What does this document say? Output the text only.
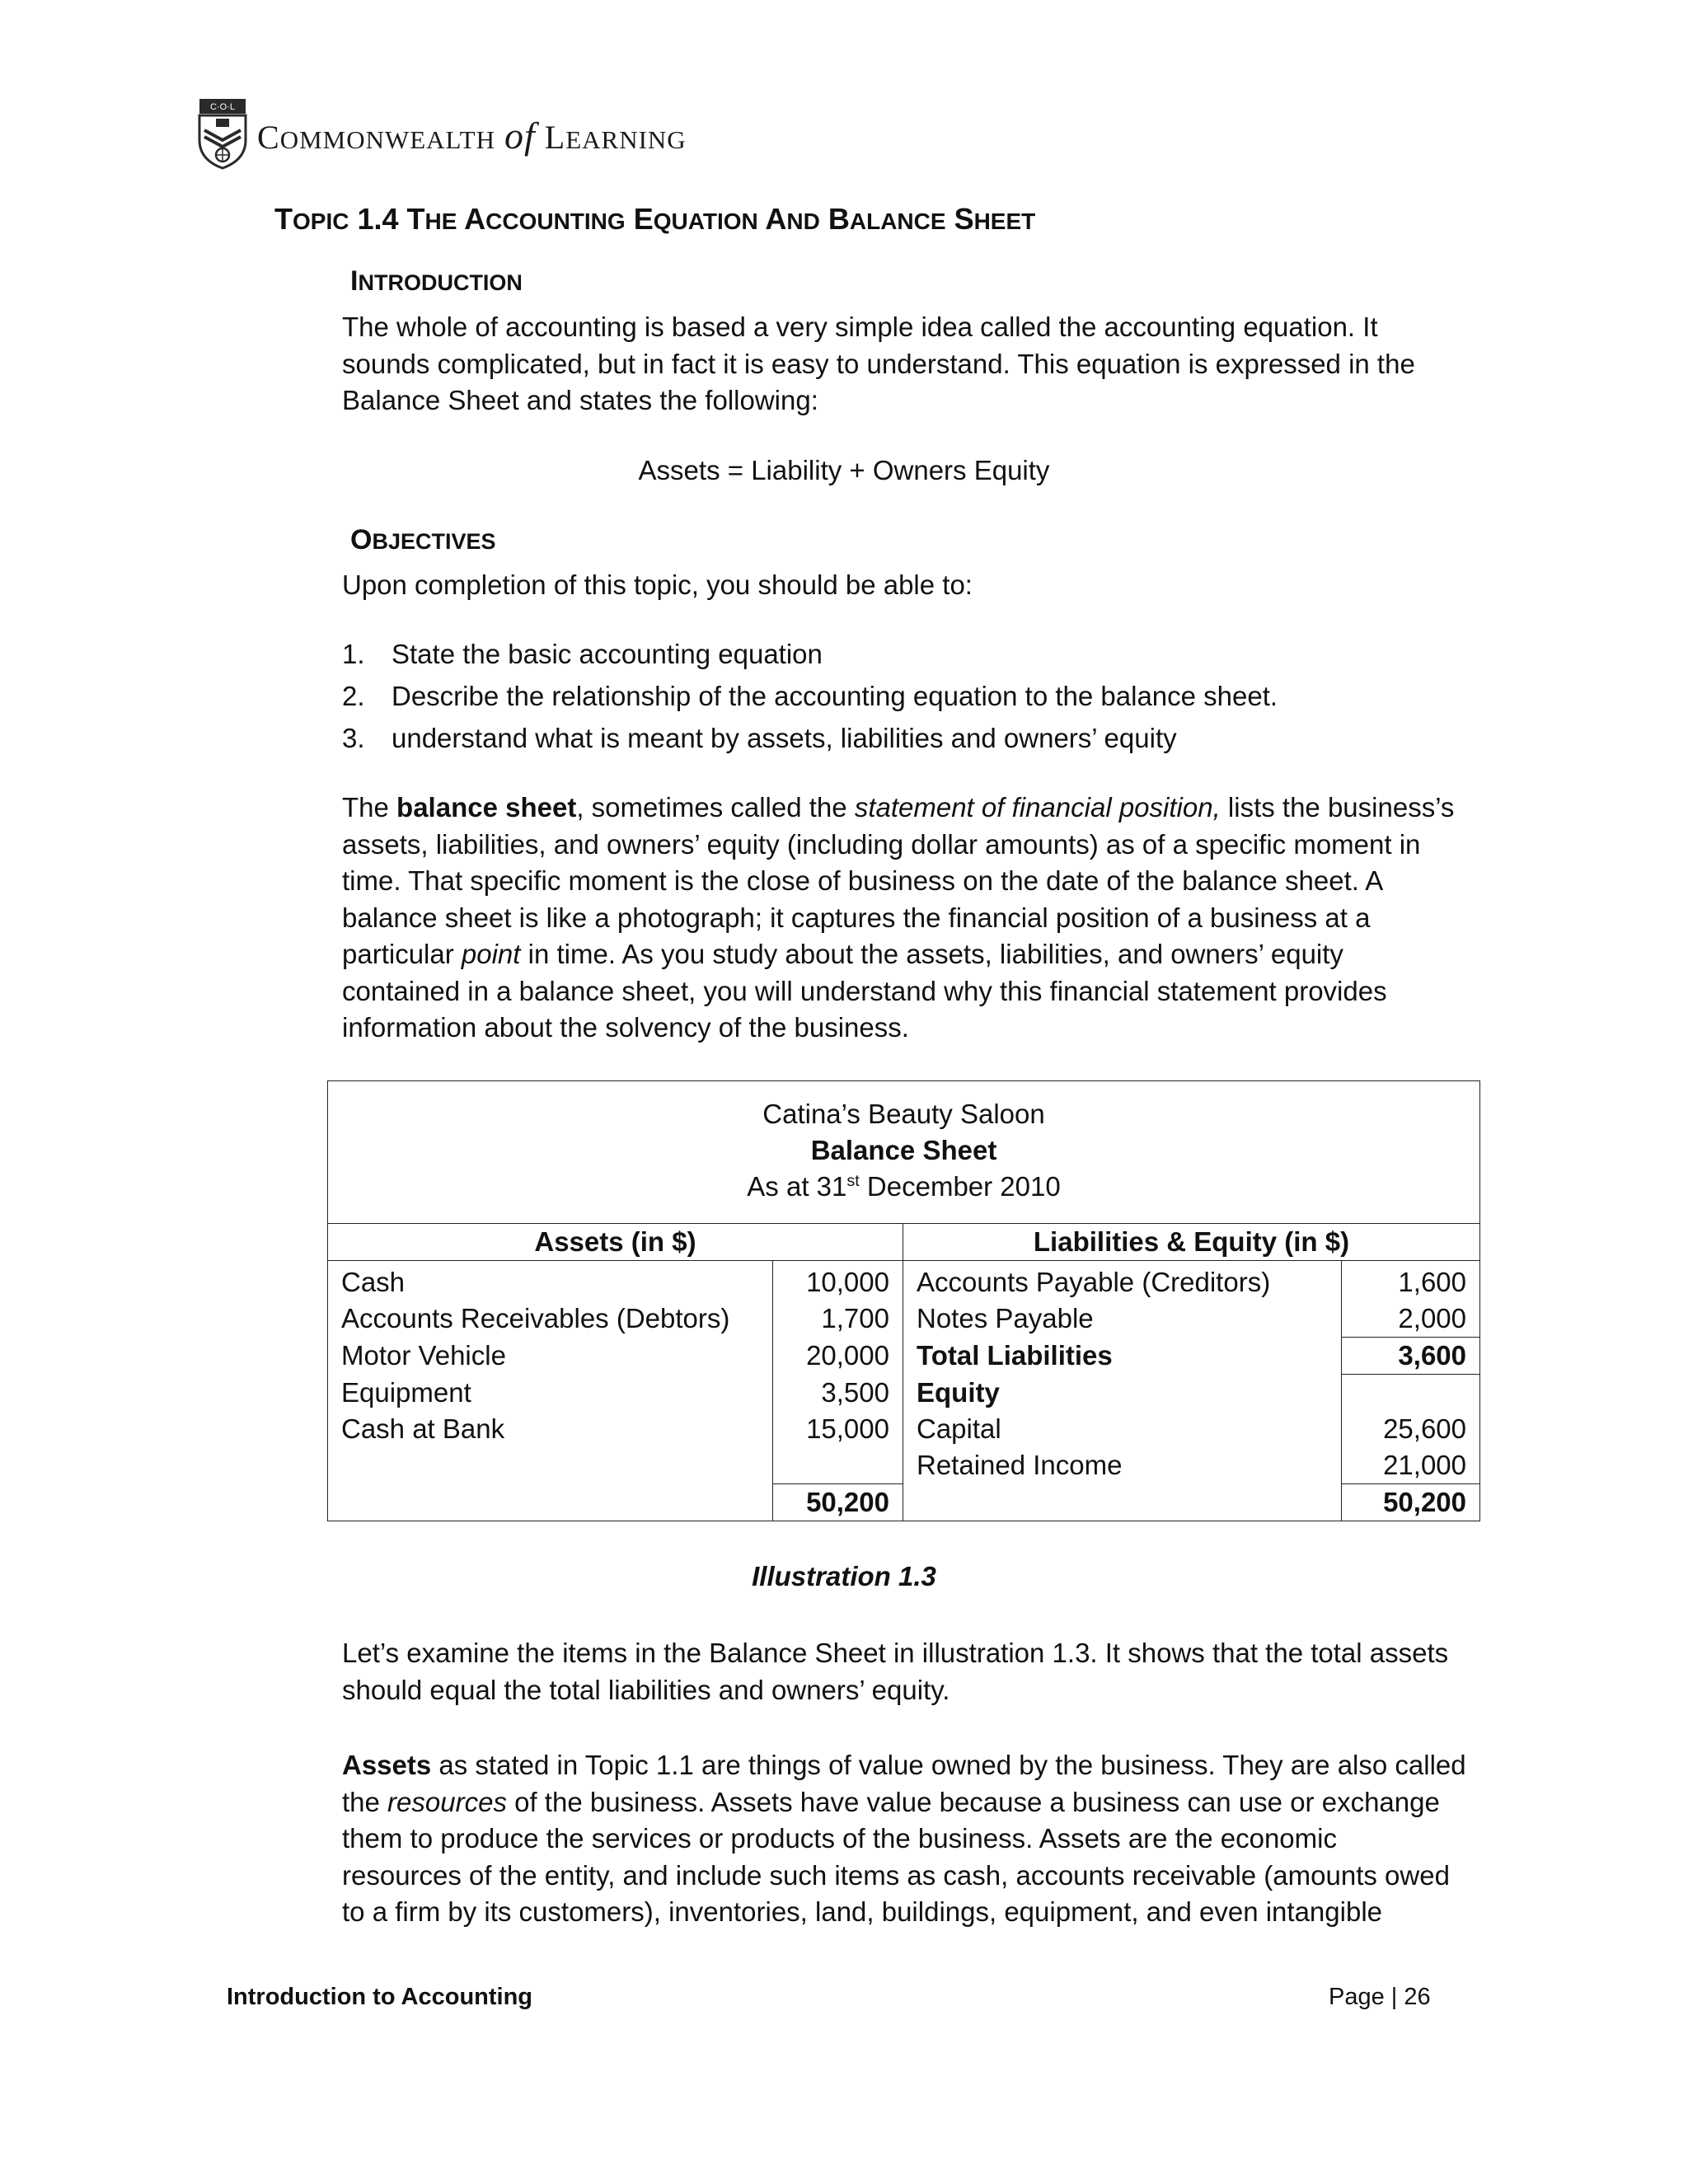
C·O·L
COMMONWEALTH of LEARNING
TOPIC 1.4 THE ACCOUNTING EQUATION AND BALANCE SHEET
INTRODUCTION
The whole of accounting is based a very simple idea called the accounting equation. It
sounds complicated, but in fact it is easy to understand. This equation is expressed in the
Balance Sheet and states the following:
Assets = Liability + Owners Equity
OBJECTIVES
Upon completion of this topic, you should be able to:
1. State the basic accounting equation
2. Describe the relationship of the accounting equation to the balance sheet.
3. understand what is meant by assets, liabilities and owners’ equity
The balance sheet, sometimes called the statement of financial position, lists the business’s
assets, liabilities, and owners’ equity (including dollar amounts) as of a specific moment in
time. That specific moment is the close of business on the date of the balance sheet. A
balance sheet is like a photograph; it captures the financial position of a business at a
particular point in time. As you study about the assets, liabilities, and owners’ equity
contained in a balance sheet, you will understand why this financial statement provides
information about the solvency of the business.
Catina’s Beauty Saloon
Balance Sheet
As at 31st December 2010			

Assets (in $)		Liabilities & Equity (in $)	
Cash	10,000	Accounts Payable (Creditors)	1,600
Accounts Receivables (Debtors)	1,700	Notes Payable	2,000
Motor Vehicle	20,000	Total Liabilities	3,600
Equipment	3,500	Equity	
Cash at Bank	15,000	Capital	25,600
		Retained Income	21,000
	50,200		50,200
Illustration 1.3
Let’s examine the items in the Balance Sheet in illustration 1.3. It shows that the total assets
should equal the total liabilities and owners’ equity.
Assets as stated in Topic 1.1 are things of value owned by the business. They are also called
the resources of the business. Assets have value because a business can use or exchange
them to produce the services or products of the business. Assets are the economic
resources of the entity, and include such items as cash, accounts receivable (amounts owed
to a firm by its customers), inventories, land, buildings, equipment, and even intangible
Introduction to Accounting	Page | 26
